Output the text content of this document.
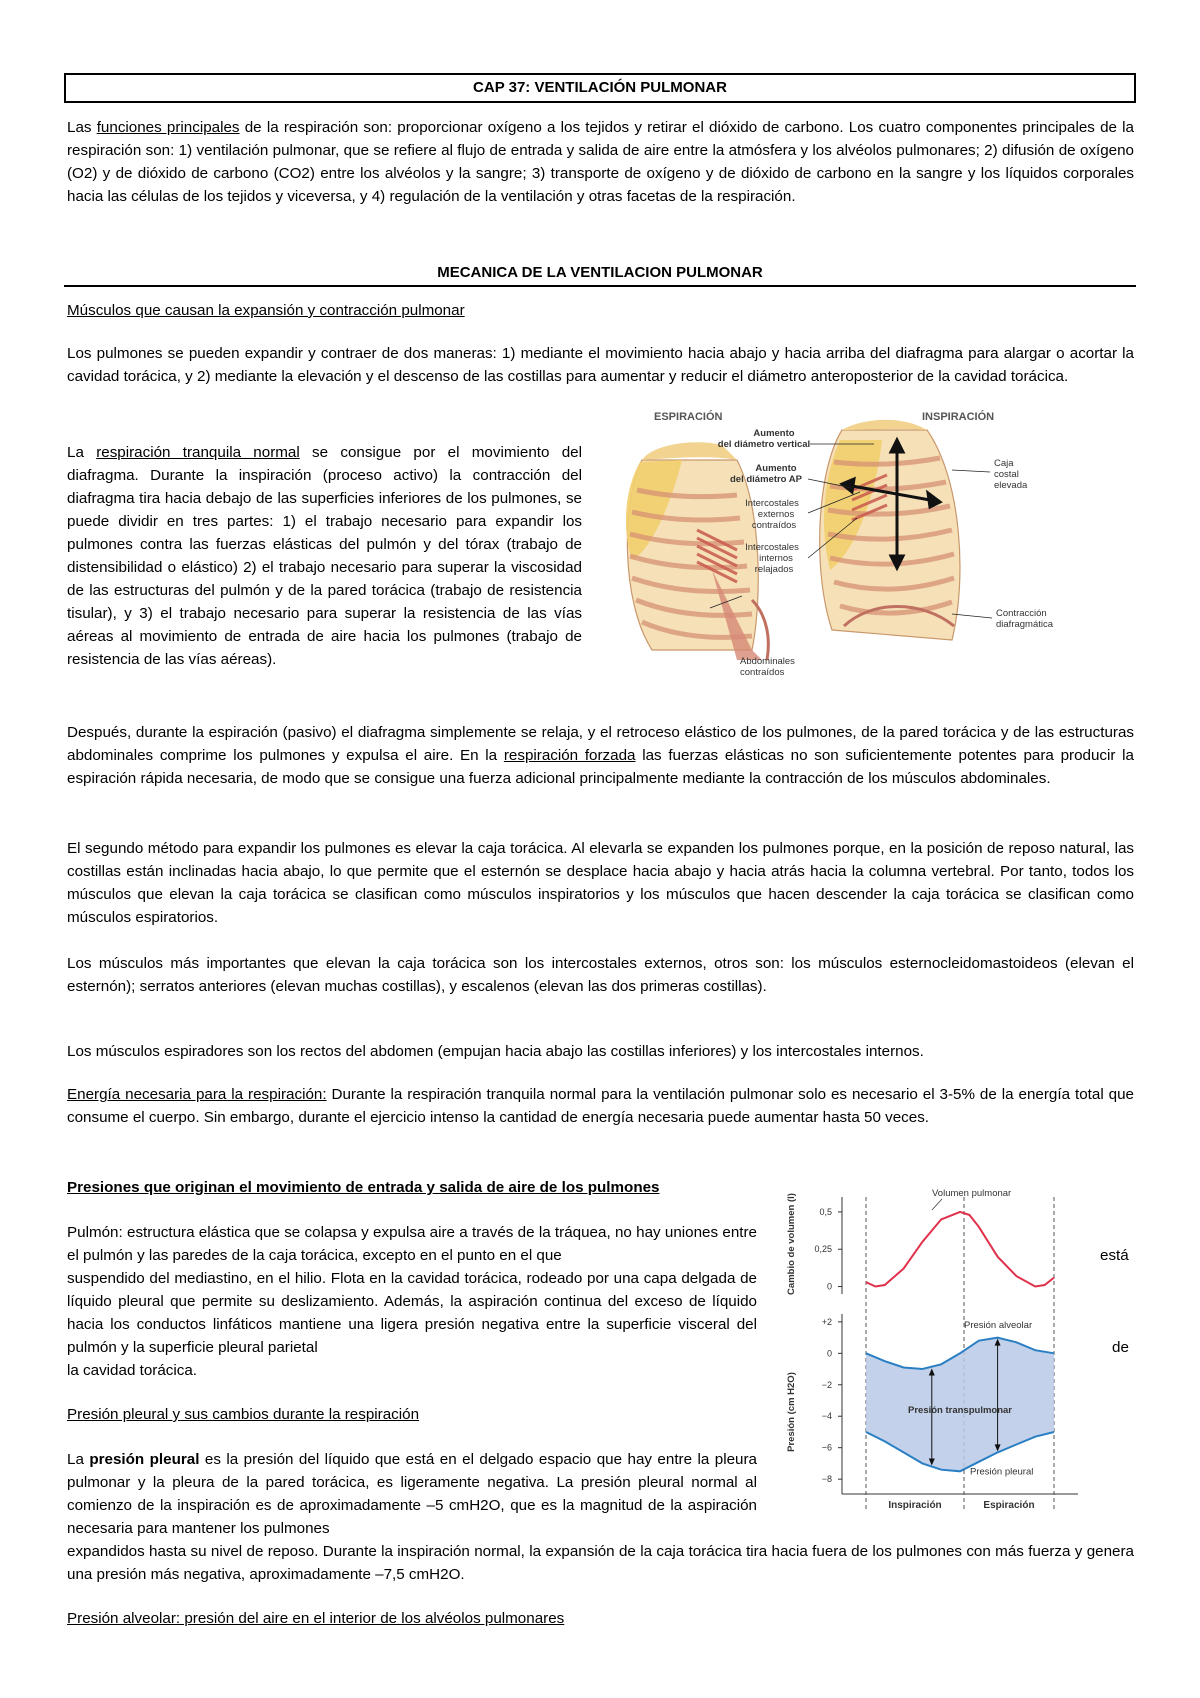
CAP 37: VENTILACIÓN PULMONAR

Las funciones principales de la respiración son: proporcionar oxígeno a los tejidos y retirar el dióxido de carbono. Los cuatro componentes principales de la respiración son: 1) ventilación pulmonar, que se refiere al flujo de entrada y salida de aire entre la atmósfera y los alvéolos pulmonares; 2) difusión de oxígeno (O2) y de dióxido de carbono (CO2) entre los alvéolos y la sangre; 3) transporte de oxígeno y de dióxido de carbono en la sangre y los líquidos corporales hacia las células de los tejidos y viceversa, y 4) regulación de la ventilación y otras facetas de la respiración.

MECANICA DE LA VENTILACION PULMONAR

Músculos que causan la expansión y contracción pulmonar

Los pulmones se pueden expandir y contraer de dos maneras: 1) mediante el movimiento hacia abajo y hacia arriba del diafragma para alargar o acortar la cavidad torácica, y 2) mediante la elevación y el descenso de las costillas para aumentar y reducir el diámetro anteroposterior de la cavidad torácica.

La respiración tranquila normal se consigue por el movimiento del diafragma. Durante la inspiración (proceso activo) la contracción del diafragma tira hacia debajo de las superficies inferiores de los pulmones, se puede dividir en tres partes: 1) el trabajo necesario para expandir los pulmones contra las fuerzas elásticas del pulmón y del tórax (trabajo de distensibilidad o elástico) 2) el trabajo necesario para superar la viscosidad de las estructuras del pulmón y de la pared torácica (trabajo de resistencia tisular), y 3) el trabajo necesario para superar la resistencia de las vías aéreas al movimiento de entrada de aire hacia los pulmones (trabajo de resistencia de las vías aéreas).

ESPIRACIÓN	INSPIRACIÓN
Aumento
del diámetro vertical
Aumento
del diámetro AP
Intercostales
externos
contraídos
Intercostales
internos
relajados
Abdominales
contraídos
Caja
costal
elevada
Contracción
diafragmática

Después, durante la espiración (pasivo) el diafragma simplemente se relaja, y el retroceso elástico de los pulmones, de la pared torácica y de las estructuras abdominales comprime los pulmones y expulsa el aire. En la respiración forzada las fuerzas elásticas no son suficientemente potentes para producir la espiración rápida necesaria, de modo que se consigue una fuerza adicional principalmente mediante la contracción de los músculos abdominales.

El segundo método para expandir los pulmones es elevar la caja torácica. Al elevarla se expanden los pulmones porque, en la posición de reposo natural, las costillas están inclinadas hacia abajo, lo que permite que el esternón se desplace hacia abajo y hacia atrás hacia la columna vertebral. Por tanto, todos los músculos que elevan la caja torácica se clasifican como músculos inspiratorios y los músculos que hacen descender la caja torácica se clasifican como músculos espiratorios.

Los músculos más importantes que elevan la caja torácica son los intercostales externos, otros son: los músculos esternocleidomastoideos (elevan el esternón); serratos anteriores (elevan muchas costillas), y escalenos (elevan las dos primeras costillas).

Los músculos espiradores son los rectos del abdomen (empujan hacia abajo las costillas inferiores) y los intercostales internos.

Energía necesaria para la respiración: Durante la respiración tranquila normal para la ventilación pulmonar solo es necesario el 3-5% de la energía total que consume el cuerpo. Sin embargo, durante el ejercicio intenso la cantidad de energía necesaria puede aumentar hasta 50 veces.

Presiones que originan el movimiento de entrada y salida de aire de los pulmones

Pulmón: estructura elástica que se colapsa y expulsa aire a través de la tráquea, no hay uniones entre el pulmón y las paredes de la caja torácica, excepto en el punto en el que	está

suspendido del mediastino, en el hilio. Flota en la cavidad torácica, rodeado por una capa delgada de líquido pleural que permite su deslizamiento. Además, la aspiración continua del exceso de líquido hacia los conductos linfáticos mantiene una ligera presión negativa entre la superficie visceral del pulmón y la superficie pleural parietal	de

la cavidad torácica.

Presión pleural y sus cambios durante la respiración

La presión pleural es la presión del líquido que está en el delgado espacio que hay entre la pleura pulmonar y la pleura de la pared torácica, es ligeramente negativa. La presión pleural normal al comienzo de la inspiración es de aproximadamente –5 cmH2O, que es la magnitud de la aspiración necesaria para mantener los pulmones

expandidos hasta su nivel de reposo. Durante la inspiración normal, la expansión de la caja torácica tira hacia fuera de los pulmones con más fuerza y genera una presión más negativa, aproximadamente –7,5 cmH2O.

Presión alveolar: presión del aire en el interior de los alvéolos pulmonares

Cambio de volumen (l)
Presión (cm H2O)
Inspiración	Espiración
0,5
0,25
0
Volumen pulmonar
+2
0
−2
−4
−6
−8
Presión alveolar
Presión pleural
Presión transpulmonar
